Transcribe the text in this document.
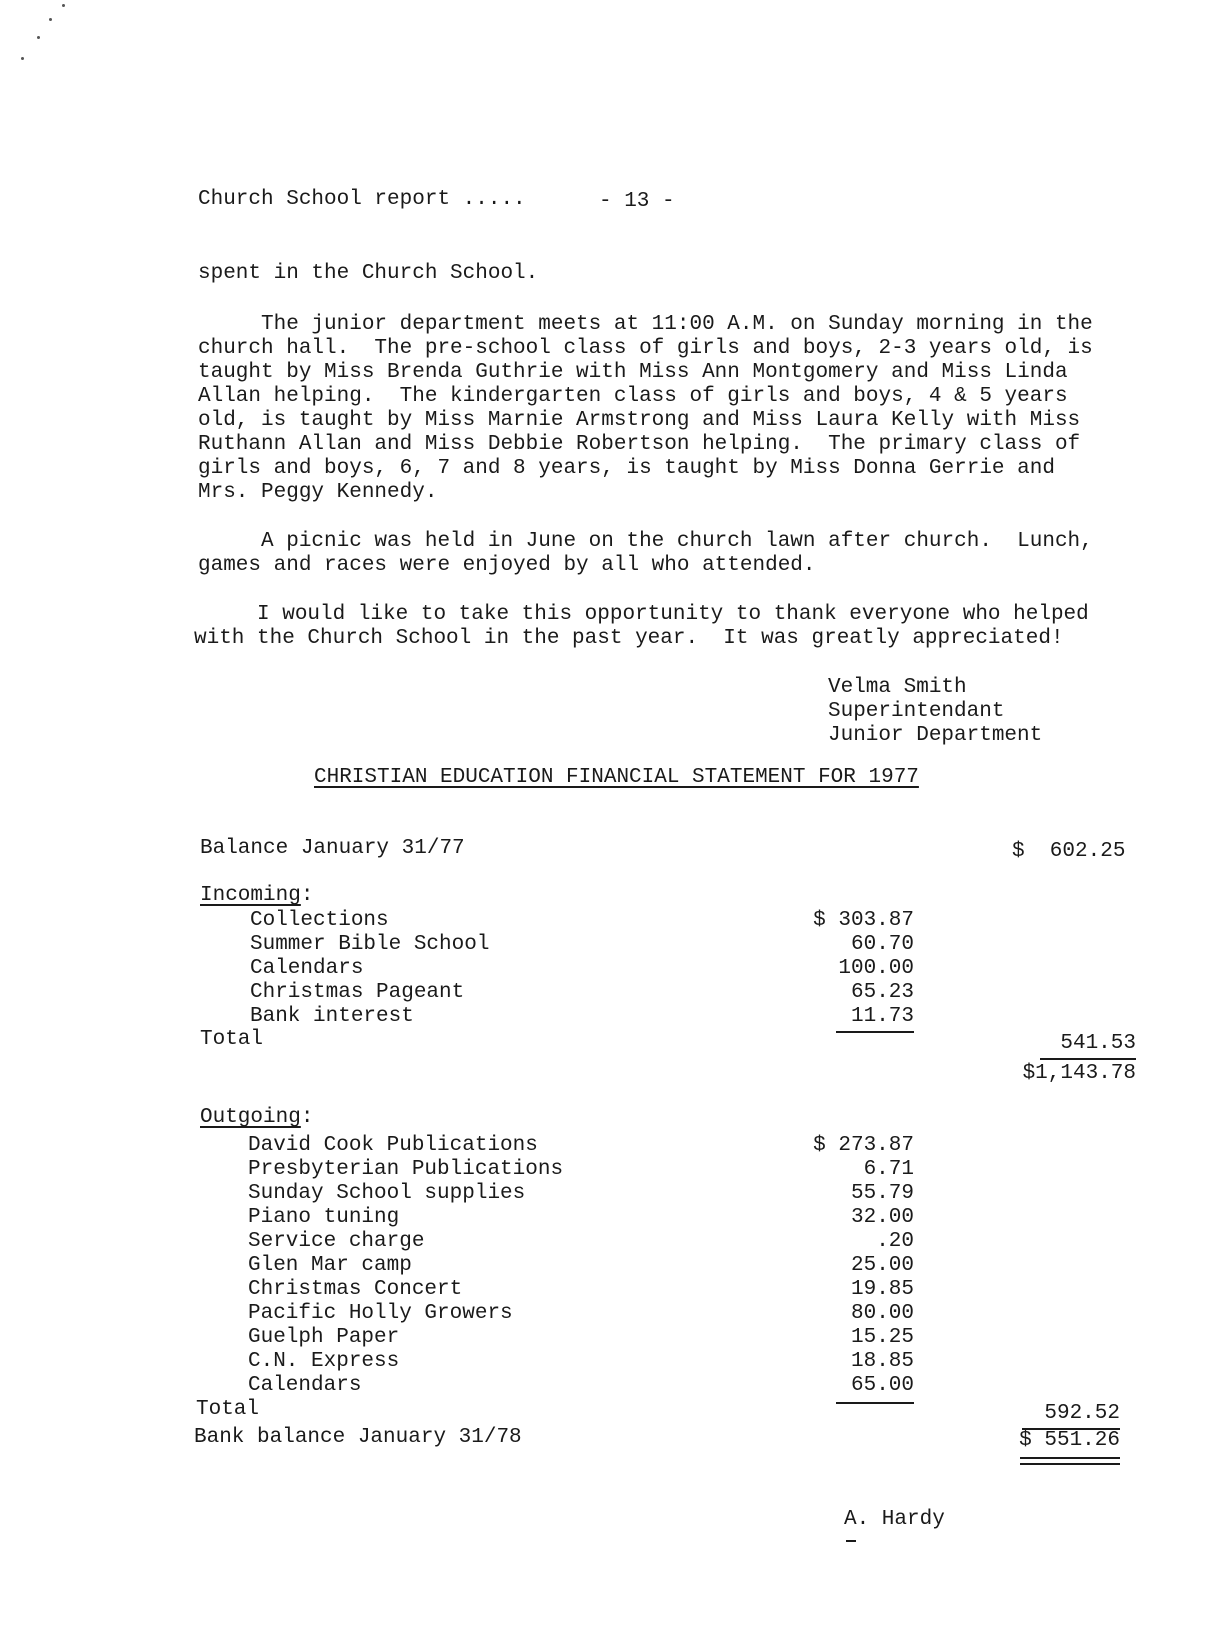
Church School report .....	- 13 -
spent in the Church School.
The junior department meets at 11:00 A.M. on Sunday morning in the
church hall.  The pre-school class of girls and boys, 2-3 years old, is
taught by Miss Brenda Guthrie with Miss Ann Montgomery and Miss Linda
Allan helping.  The kindergarten class of girls and boys, 4 & 5 years
old, is taught by Miss Marnie Armstrong and Miss Laura Kelly with Miss
Ruthann Allan and Miss Debbie Robertson helping.  The primary class of
girls and boys, 6, 7 and 8 years, is taught by Miss Donna Gerrie and
Mrs. Peggy Kennedy.
A picnic was held in June on the church lawn after church.  Lunch,
games and races were enjoyed by all who attended.
I would like to take this opportunity to thank everyone who helped
with the Church School in the past year.  It was greatly appreciated!
Velma Smith
Superintendant
Junior Department
CHRISTIAN EDUCATION FINANCIAL STATEMENT FOR 1977
Balance January 31/77	$  602.25
Incoming:
Collections	$ 303.87
Summer Bible School	60.70
Calendars	100.00
Christmas Pageant	65.23
Bank interest	11.73
Total	541.53
$1,143.78
Outgoing:
David Cook Publications	$ 273.87
Presbyterian Publications	6.71
Sunday School supplies	55.79
Piano tuning	32.00
Service charge	.20
Glen Mar camp	25.00
Christmas Concert	19.85
Pacific Holly Growers	80.00
Guelph Paper	15.25
C.N. Express	18.85
Calendars	65.00
Total	592.52
Bank balance January 31/78	$ 551.26
A. Hardy
